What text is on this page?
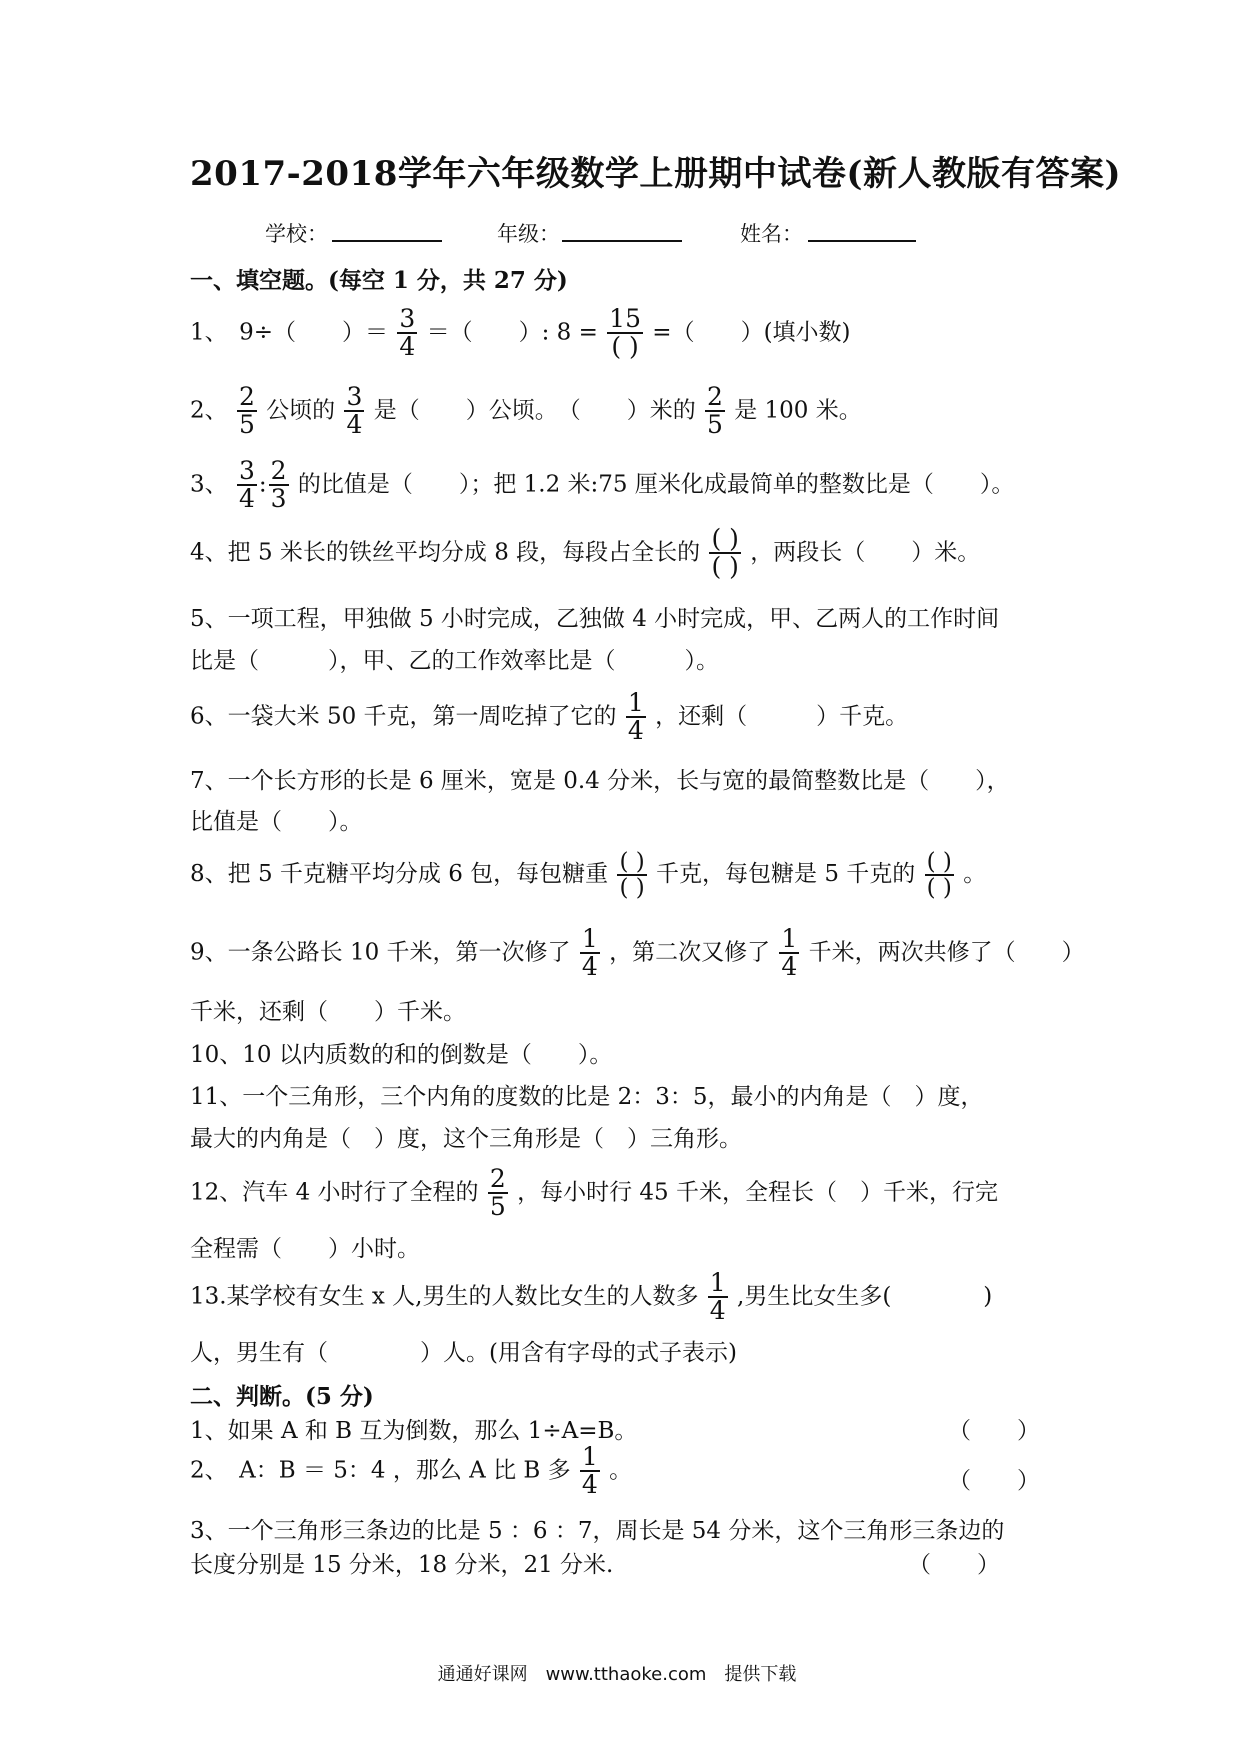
2017-2018学年六年级数学上册期中试卷(新人教版有答案)
学校：	年级：	姓名：
一、填空题。(每空 1 分，共 27 分)
1、　9÷（　　）＝ $\frac{3}{4}$ ＝（　　）: 8 = 15
( ) =（　　）(填小数)
2、 $\frac{2}{5}$ 公顷的 $\frac{3}{4}$ 是（　　）公顷。　（　　）米的 $\frac{2}{5}$ 是 100 米。
3、 $\frac{3}{4}$ : $\frac{2}{3}$ 的比值是（　　）；把 1.2 米:75 厘米化成最简单的整数比是（　　）。
4、把 5 米长的铁丝平均分成 8 段，每段占全长的 ( )
( ) ，两段长（　　）米。
5、一项工程，甲独做 5 小时完成，乙独做 4 小时完成，甲、乙两人的工作时间
比是（　　　），甲、乙的工作效率比是（　　　）。
6、一袋大米 50 千克，第一周吃掉了它的 $\frac{1}{4}$ ，还剩（　　　）千克。
7、一个长方形的长是 6 厘米，宽是 0.4 分米，长与宽的最简整数比是（　　），
比值是（　　）。
8、把 5 千克糖平均分成 6 包，每包糖重 ( )
( )
千克，每包糖是 5 千克的 ( )
( )
。
9、一条公路长 10 千米，第一次修了 $\frac{1}{4}$ ，第二次又修了 $\frac{1}{4}$ 千米，两次共修了（　　）
千米，还剩（　　）千米。
10、10 以内质数的和的倒数是（　　）。
11、一个三角形，三个内角的度数的比是 2：3：5，最小的内角是（　）度，
最大的内角是（　）度，这个三角形是（　）三角形。
12、汽车 4 小时行了全程的 $\frac{2}{5}$ ，每小时行 45 千米，全程长（　）千米，行完
全程需（　　）小时。
13.某学校有女生 x 人,男生的人数比女生的人数多 $\frac{1}{4}$ ,男生比女生多(　　　　)
人，男生有（　　　　）人。(用含有字母的式子表示)
二、判断。(5 分)
1、如果 A 和 B 互为倒数，那么 1÷A=B。	（　　）
2、　A：B ＝ 5：4 ，那么 A 比 B 多 $\frac{1}{4}$ 。	（　　）
3、一个三角形三条边的比是 5 ：6 ：7，周长是 54 分米，这个三角形三条边的
长度分别是 15 分米，18 分米，21 分米.	（　　）
通通好课网　www.tthaoke.com　提供下载
